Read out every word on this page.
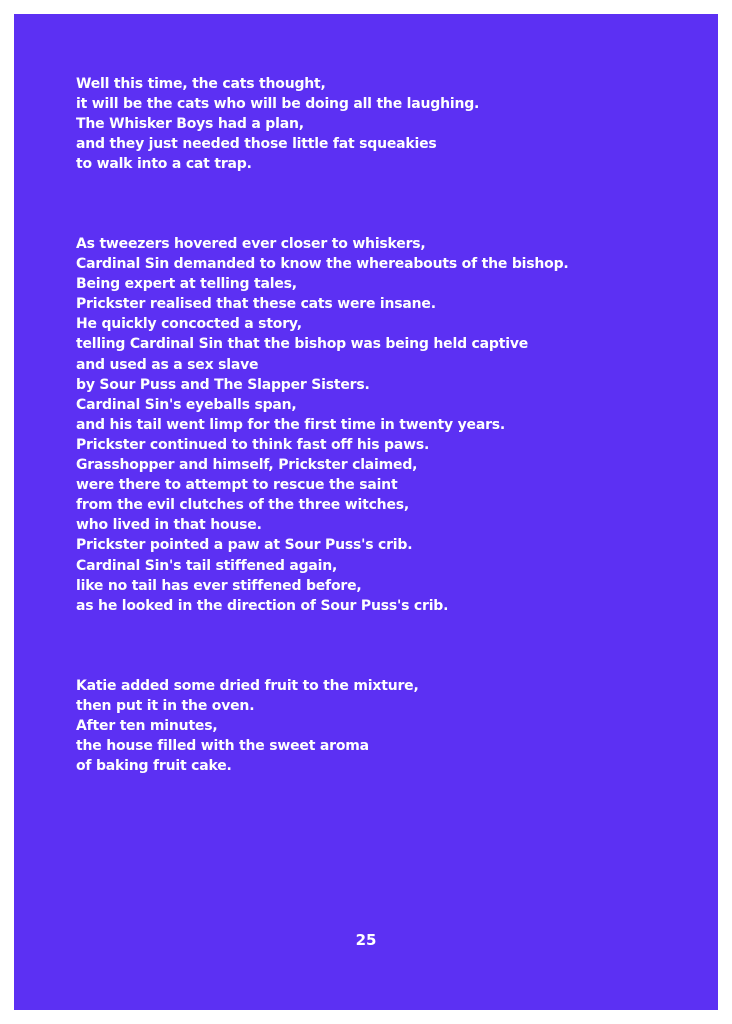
Well this time, the cats thought,
it will be the cats who will be doing all the laughing.
The Whisker Boys had a plan,
and they just needed those little fat squeakies
to walk into a cat trap.
As tweezers hovered ever closer to whiskers,
Cardinal Sin demanded to know the whereabouts of the bishop.
Being expert at telling tales,
Prickster realised that these cats were insane.
He quickly concocted a story,
telling Cardinal Sin that the bishop was being held captive
and used as a sex slave
by Sour Puss and The Slapper Sisters.
Cardinal Sin's eyeballs span,
and his tail went limp for the first time in twenty years.
Prickster continued to think fast off his paws.
Grasshopper and himself, Prickster claimed,
were there to attempt to rescue the saint
from the evil clutches of the three witches,
who lived in that house.
Prickster pointed a paw at Sour Puss's crib.
Cardinal Sin's tail stiffened again,
like no tail has ever stiffened before,
as he looked in the direction of Sour Puss's crib.
Katie added some dried fruit to the mixture,
then put it in the oven.
After ten minutes,
the house filled with the sweet aroma
of baking fruit cake.
25
